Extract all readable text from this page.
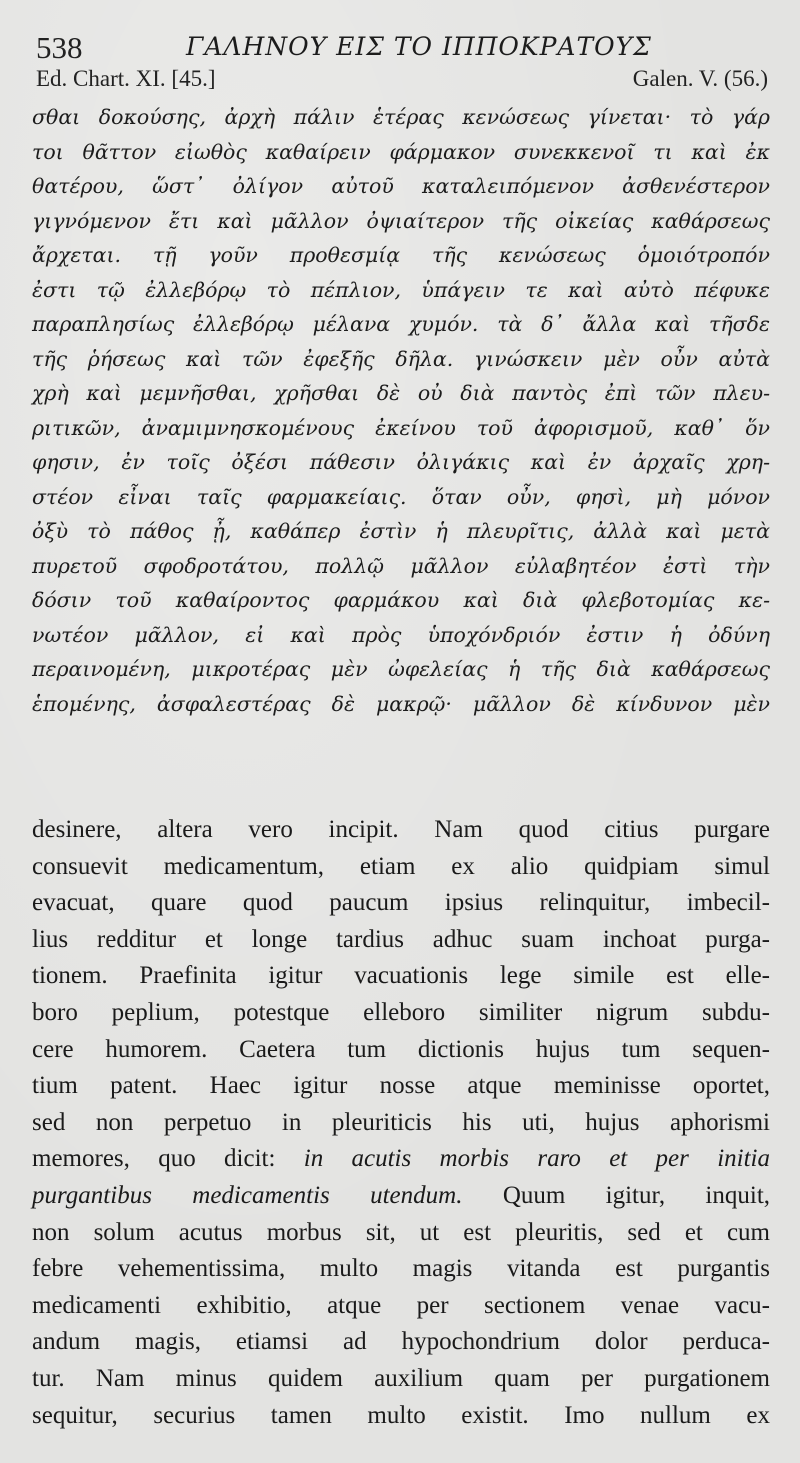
538	ΓΑΛΗΝΟΥ ΕΙΣ ΤΟ ΙΠΠΟΚΡΑΤΟΥΣ
Ed. Chart. XI. [45.]	Galen. V. (56.)
σθαι δοκούσης, ἀρχὴ πάλιν ἑτέρας κενώσεως γίνεται· τὸ γάρ
τοι θᾶττον εἰωθὸς καθαίρειν φάρμακον συνεκκενοῖ τι καὶ ἐκ
θατέρου, ὥστ᾽ ὀλίγον αὐτοῦ καταλειπόμενον ἀσθενέστερον
γιγνόμενον ἔτι καὶ μᾶλλον ὀψιαίτερον τῆς οἰκείας καθάρσεως
ἄρχεται. τῇ γοῦν προθεσμίᾳ τῆς κενώσεως ὁμοιότροπόν
ἐστι τῷ ἐλλεβόρῳ τὸ πέπλιον, ὑπάγειν τε καὶ αὐτὸ πέφυκε
παραπλησίως ἐλλεβόρῳ μέλανα χυμόν. τὰ δ᾽ ἄλλα καὶ τῆσδε
τῆς ῥήσεως καὶ τῶν ἐφεξῆς δῆλα. γινώσκειν μὲν οὖν αὐτὰ
χρὴ καὶ μεμνῆσθαι, χρῆσθαι δὲ οὐ διὰ παντὸς ἐπὶ τῶν πλευ-
ριτικῶν, ἀναμιμνησκομένους ἐκείνου τοῦ ἀφορισμοῦ, καθ᾽ ὅν
φησιν, ἐν τοῖς ὀξέσι πάθεσιν ὀλιγάκις καὶ ἐν ἀρχαῖς χρη-
στέον εἶναι ταῖς φαρμακείαις. ὅταν οὖν, φησὶ, μὴ μόνον
ὀξὺ τὸ πάθος ᾖ, καθάπερ ἐστὶν ἡ πλευρῖτις, ἀλλὰ καὶ μετὰ
πυρετοῦ σφοδροτάτου, πολλῷ μᾶλλον εὐλαβητέον ἐστὶ τὴν
δόσιν τοῦ καθαίροντος φαρμάκου καὶ διὰ φλεβοτομίας κε-
νωτέον μᾶλλον, εἰ καὶ πρὸς ὑποχόνδριόν ἐστιν ἡ ὀδύνη
περαινομένη, μικροτέρας μὲν ὠφελείας ἡ τῆς διὰ καθάρσεως
ἑπομένης, ἀσφαλεστέρας δὲ μακρῷ· μᾶλλον δὲ κίνδυνον μὲν
desinere, altera vero incipit. Nam quod citius purgare
consuevit medicamentum, etiam ex alio quidpiam simul
evacuat, quare quod paucum ipsius relinquitur, imbecil-
lius redditur et longe tardius adhuc suam inchoat purga-
tionem. Praefinita igitur vacuationis lege simile est elle-
boro peplium, potestque elleboro similiter nigrum subdu-
cere humorem. Caetera tum dictionis hujus tum sequen-
tium patent. Haec igitur nosse atque meminisse oportet,
sed non perpetuo in pleuriticis his uti, hujus aphorismi
memores, quo dicit: in acutis morbis raro et per initia
purgantibus medicamentis utendum. Quum igitur, inquit,
non solum acutus morbus sit, ut est pleuritis, sed et cum
febre vehementissima, multo magis vitanda est purgantis
medicamenti exhibitio, atque per sectionem venae vacu-
andum magis, etiamsi ad hypochondrium dolor perduca-
tur. Nam minus quidem auxilium quam per purgationem
sequitur, securius tamen multo existit. Imo nullum ex
